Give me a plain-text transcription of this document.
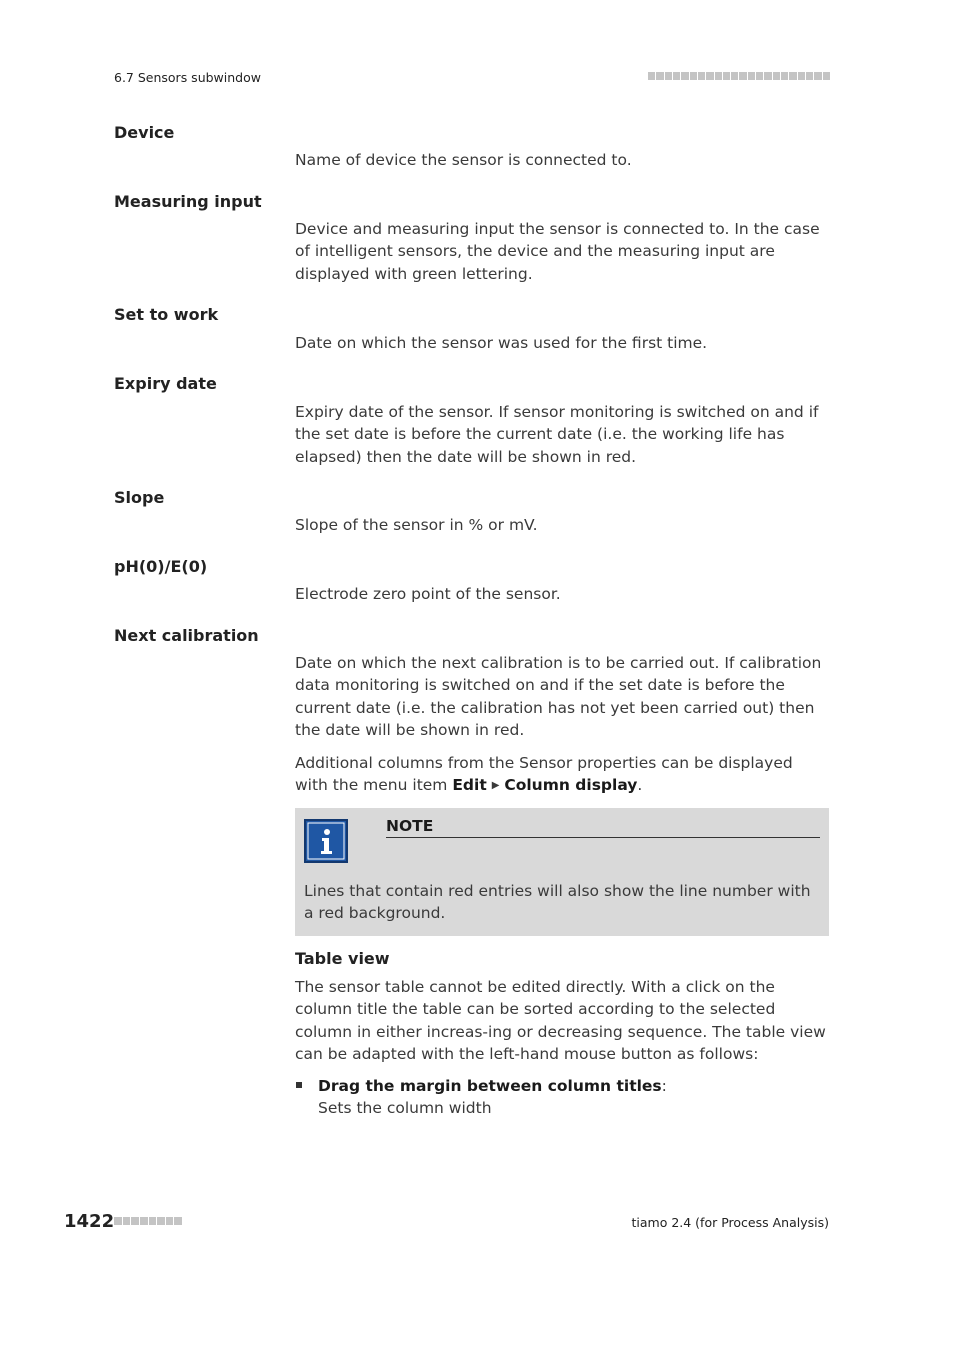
6.7 Sensors subwindow
Device
Name of device the sensor is connected to.
Measuring input
Device and measuring input the sensor is connected to. In the case of intelligent sensors, the device and the measuring input are displayed with green lettering.
Set to work
Date on which the sensor was used for the first time.
Expiry date
Expiry date of the sensor. If sensor monitoring is switched on and if the set date is before the current date (i.e. the working life has elapsed) then the date will be shown in red.
Slope
Slope of the sensor in % or mV.
pH(0)/E(0)
Electrode zero point of the sensor.
Next calibration
Date on which the next calibration is to be carried out. If calibration data monitoring is switched on and if the set date is before the current date (i.e. the calibration has not yet been carried out) then the date will be shown in red.
Additional columns from the Sensor properties can be displayed with the menu item Edit ▶ Column display.
NOTE
Lines that contain red entries will also show the line number with a red background.
Table view
The sensor table cannot be edited directly. With a click on the column title the table can be sorted according to the selected column in either increas-ing or decreasing sequence. The table view can be adapted with the left-hand mouse button as follows:
Drag the margin between column titles:
Sets the column width
1422	tiamo 2.4 (for Process Analysis)
